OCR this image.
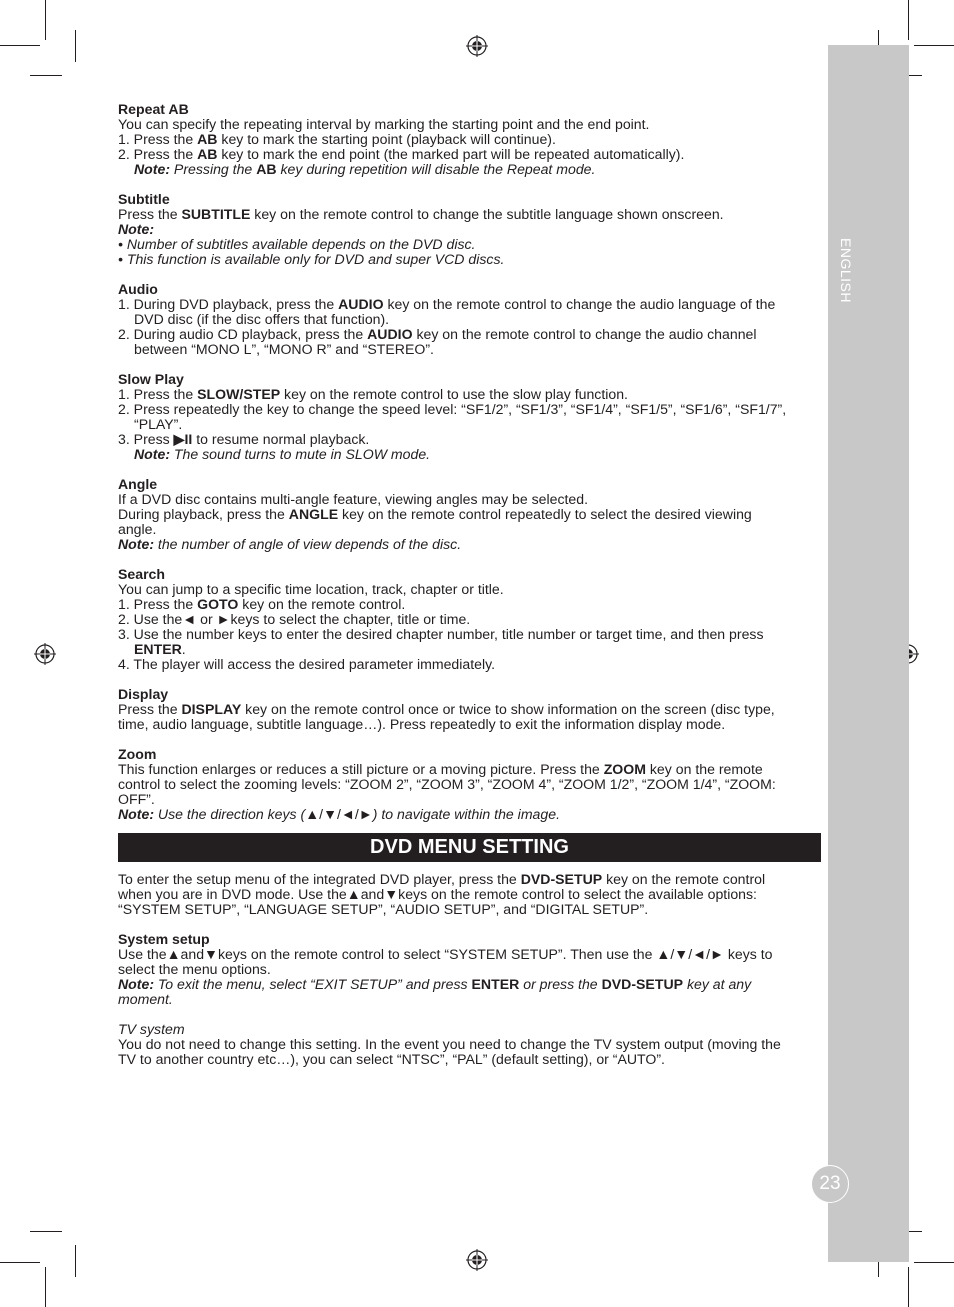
ENGLISH
23

Repeat AB

You can specify the repeating interval by marking the starting point and the end point.

1. Press the AB key to mark the starting point (playback will continue).

2. Press the AB key to mark the end point (the marked part will be repeated automatically).

Note: Pressing the AB key during repetition will disable the Repeat mode.

Subtitle

Press the SUBTITLE key on the remote control to change the subtitle language shown onscreen.

Note:

• Number of subtitles available depends on the DVD disc.

• This function is available only for DVD and super VCD discs.

Audio

1. During DVD playback, press the AUDIO key on the remote control to change the audio language of the

DVD disc (if the disc offers that function).

2. During audio CD playback, press the AUDIO key on the remote control to change the audio channel

between “MONO L”, “MONO R” and “STEREO”.

Slow Play

1. Press the SLOW/STEP key on the remote control to use the slow play function.

2. Press repeatedly the key to change the speed level: “SF1/2”, “SF1/3”, “SF1/4”, “SF1/5”, “SF1/6”, “SF1/7”,

“PLAY”.

3. Press ▶II to resume normal playback.

Note: The sound turns to mute in SLOW mode.

Angle

If a DVD disc contains multi-angle feature, viewing angles may be selected.

During playback, press the ANGLE key on the remote control repeatedly to select the desired viewing

angle.

Note: the number of angle of view depends of the disc.

Search

You can jump to a specific time location, track, chapter or title.

1. Press the GOTO key on the remote control.

2. Use the◄ or ►keys to select the chapter, title or time.

3. Use the number keys to enter the desired chapter number, title number or target time, and then press

ENTER.

4. The player will access the desired parameter immediately.

Display

Press the DISPLAY key on the remote control once or twice to show information on the screen (disc type,

time, audio language, subtitle language…). Press repeatedly to exit the information display mode.

Zoom

This function enlarges or reduces a still picture or a moving picture. Press the ZOOM key on the remote

control to select the zooming levels: “ZOOM 2”, “ZOOM 3”, “ZOOM 4”, “ZOOM 1/2”, “ZOOM 1/4”, “ZOOM:

OFF”.

Note: Use the direction keys (▲/▼/◄/►) to navigate within the image.

DVD MENU SETTING

To enter the setup menu of the integrated DVD player, press the DVD-SETUP key on the remote control

when you are in DVD mode. Use the▲and▼keys on the remote control to select the available options:

“SYSTEM SETUP”, “LANGUAGE SETUP”, “AUDIO SETUP”, and “DIGITAL SETUP”.

System setup

Use the▲and▼keys on the remote control to select “SYSTEM SETUP”. Then use the ▲/▼/◄/► keys to

select the menu options.

Note: To exit the menu, select “EXIT SETUP” and press ENTER or press the DVD-SETUP key at any

moment.

TV system

You do not need to change this setting. In the event you need to change the TV system output (moving the

TV to another country etc…), you can select “NTSC”, “PAL” (default setting), or “AUTO”.
